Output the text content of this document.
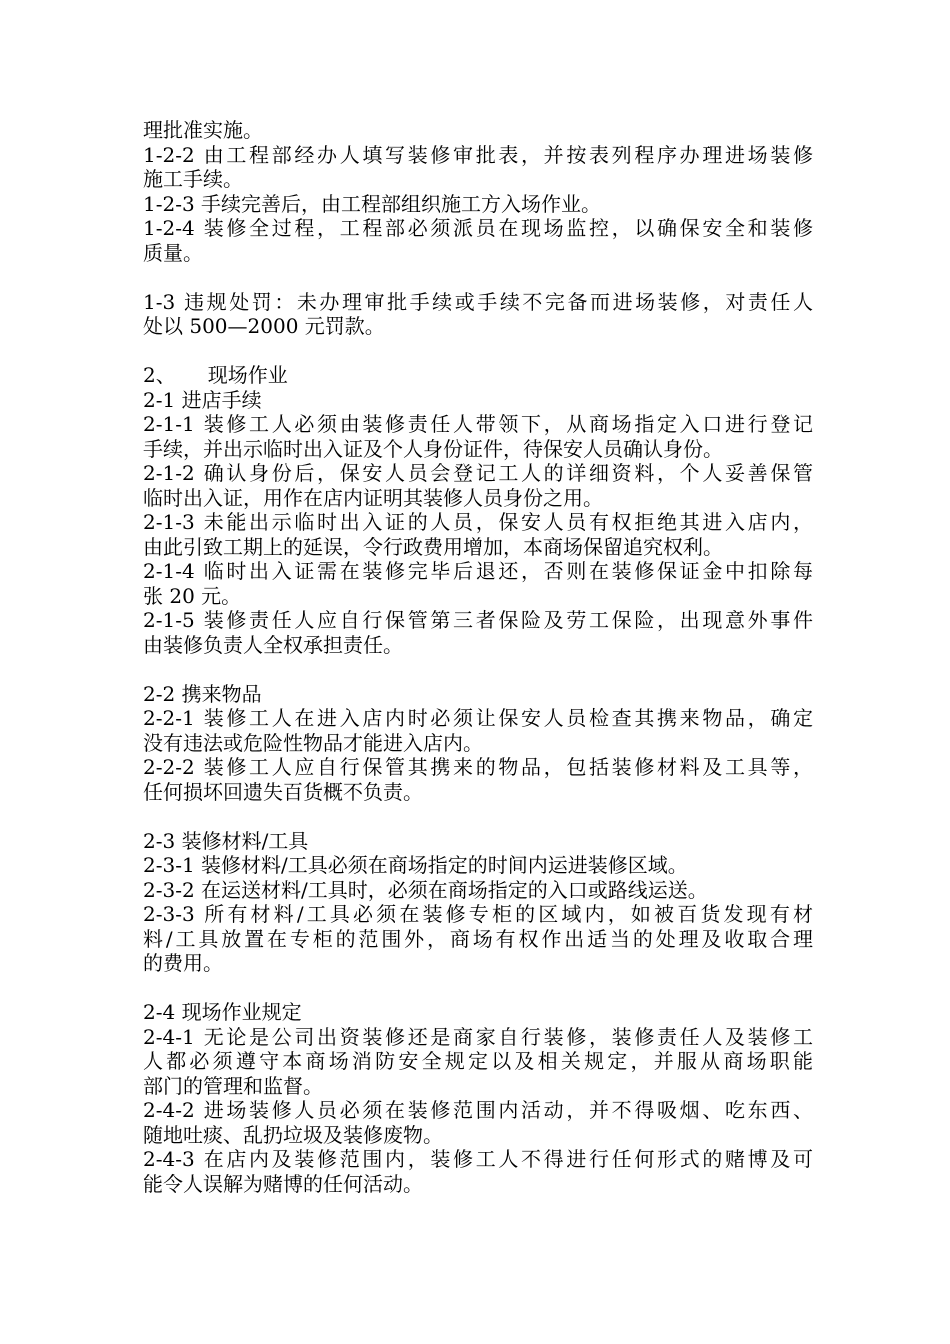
理批准实施。
1-2-2 由工程部经办人填写装修审批表，并按表列程序办理进场装修
施工手续。
1-2-3 手续完善后，由工程部组织施工方入场作业。
1-2-4 装修全过程，工程部必须派员在现场监控，以确保安全和装修
质量。
1-3 违规处罚：未办理审批手续或手续不完备而进场装修，对责任人
处以 500—2000 元罚款。
2、 现场作业
2-1 进店手续
2-1-1 装修工人必须由装修责任人带领下，从商场指定入口进行登记
手续，并出示临时出入证及个人身份证件，待保安人员确认身份。
2-1-2 确认身份后，保安人员会登记工人的详细资料，个人妥善保管
临时出入证，用作在店内证明其装修人员身份之用。
2-1-3 未能出示临时出入证的人员，保安人员有权拒绝其进入店内，
由此引致工期上的延误，令行政费用增加，本商场保留追究权利。
2-1-4 临时出入证需在装修完毕后退还，否则在装修保证金中扣除每
张 20 元。
2-1-5 装修责任人应自行保管第三者保险及劳工保险，出现意外事件
由装修负责人全权承担责任。
2-2 携来物品
2-2-1 装修工人在进入店内时必须让保安人员检查其携来物品，确定
没有违法或危险性物品才能进入店内。
2-2-2 装修工人应自行保管其携来的物品，包括装修材料及工具等，
任何损坏回遗失百货概不负责。
2-3 装修材料/工具
2-3-1 装修材料/工具必须在商场指定的时间内运进装修区域。
2-3-2 在运送材料/工具时，必须在商场指定的入口或路线运送。
2-3-3 所有材料/工具必须在装修专柜的区域内，如被百货发现有材
料/工具放置在专柜的范围外，商场有权作出适当的处理及收取合理
的费用。
2-4 现场作业规定
2-4-1 无论是公司出资装修还是商家自行装修，装修责任人及装修工
人都必须遵守本商场消防安全规定以及相关规定，并服从商场职能
部门的管理和监督。
2-4-2 进场装修人员必须在装修范围内活动，并不得吸烟、吃东西、
随地吐痰、乱扔垃圾及装修废物。
2-4-3 在店内及装修范围内，装修工人不得进行任何形式的赌博及可
能令人误解为赌博的任何活动。
